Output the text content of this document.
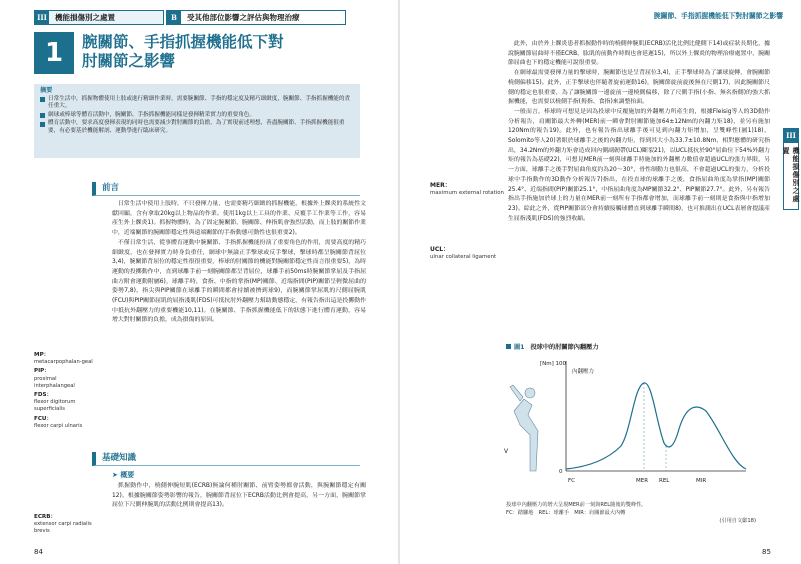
III	機能損傷別之處置	B	受其他部位影響之評估與物理治療
1	腕關節、手指抓握機能低下對
肘關節之影響
摘要
日常生活中，抓握物體使用上肢或進行精細作業時，需要腕關節、手指的穩定度及精巧細緻度，腕關節、手指抓握機能的責任重大。
網球或棒球等體育活動中，腕關節、手指抓握機能同樣是發揮精采實力的重要角色。
體育活動中，要求高度發揮表現的同時也需要減少對肘關節的負擔，為了實現前述理想，善盡腕關節、手指抓握機能很重要，有必要基於機能解剖、運動學進行臨床研究。
前言

日常生活中使用上肢時，不只發揮力量，也需要精巧細緻的抓握機能，根據外上髁炎的系統性文獻回顧，含有拿取20kg以上物品的作業、使用1kg以上工具的作業、反覆手工作業等工作，容易產生外上髁炎1)。抓握物體時，為了固定腕關節，腕關節、伸指肌會強烈活動，而上肢的關節作業中，近端關節的腕關節穩定性與遠端關節的手指動態可動性也很重要2)。

不僅日常生活，從事體育運動中腕關節、手指抓握機能扮演了重要角色的作用，需要高度的精巧細緻度，也在發揮實力時身負重任，網球中無論正手擊球或反手擊球，擊球時都呈腕關節背屈位3,4)，腕關節背屈位的穩定性很很重要，棒球的肘關節的機能對腕關節穩定性而言很重要5)，為時運動的投擲動作中，直到球離手前一刻腕關節都呈背屈位，球離手前50ms時腕關節掌屈及手指屈曲方附會運動附屬6)，球離手時，食指、中指的掌指(MP)關節、近端指間(PIP)關節呈輕微屈曲的姿勢7,8)，指尖與PIP關節在球離手的瞬間都會持續被擠到球9)，而腕關節掌屈肌的尺側屈腕肌(FCU)與PIP關節屈肌的屈指淺肌(FDS)可抵抗肘外翻壓力幫助動態穩定，有報告指出這是投擲動作中抵抗外翻壓力的重要機能10,11)。在腕關節、手指抓握機能低下的狀態下進行體育運動，容易增大對肘關節的負擔，成為損傷的原因。

MP：
metacarpophalan-geal
PIP：
proximal interphalangeal
FDS：
flexor digitorum superficialis
FCU：
flexor carpi ulnaris
基礎知識
➤ 概要

抓握動作中，橈側伸腕短肌(ECRB)無論何種肘關節、前臂姿勢都會活動，與腕關節穩定有關12)。根據腕關節姿勢影響的報告，腕關節背屈位下ECRB活動比例會提高，另一方面，腕關節掌屈位下尺側伸腕肌的活動比例則會提高13)。

ECRB：
extensor carpi radialis brevis
84
腕關節、手指抓握機能低下對肘關節之影響
III
機能損傷別之處置

此外，由於外上髁炎患者抓握動作時的橈側伸腕肌(ECRB)活化比例比健側下14)或症狀長期化，據說腕關節屈曲時不僅ECRB，肱肌的前動作時間也會延遲15)，所以外上髁炎的物理治療處置中，腕關節屈曲也下的穩定機能可說很重要。

在網球最需要發揮力量的擊球時，腕關節也是呈背屈位3,4)，正手擊球時為了讓球旋轉，會腕關節橈側偏移15)。此外，正手擊球也伴隨著旋前運動16)，腕關節旋前旋後無在尺側17)，因此腕關節尺側的穩定也很重要，為了讓腕關節一邊旋前一邊橈側偏移，除了尺側手指(小指、無名指側)的強大抓握機能，也需要以橈側手指(拇指、食指)來調整抬面。

一般而言，棒球時可想見是因為投球中反覆施加的外翻壓力所產生的，根據Fleisig等人的3D動作分析報告，肩關節最大外轉(MER)前一瞬會對肘關節施加64±12Nm的內翻力矩18)，並另有施加120Nm的報告19)。此外，也有報告指出球離手後可見到內翻力矩增加，呈雙峰性(圖1)18)，Solomito等人20)著眼於球離手之後的內翻力矩，得到其大小為33.7±10.8Nm，相對應體的研究指出，34.2Nm的外翻力矩會造成回內側副韌帶(UCL)斷裂21)，以UCL抵抗於90°屈曲位下54%外翻力矩的報告為基礎22)，可想見MER前一刻與球離手時施加的外翻壓力數值會超過UCL的張力界限，另一方面，球離手之後手對屈曲角度約為20～30°，骨性制動力也很高，不會超過UCL的張力，分析投球中手指動作的3D動作分析報告7)指出，在投直球的球離手之後，食指屈曲角度為掌指(MP)關節25.4°、近端指間(PIP)關節25.1°，中指屈曲角度為MP關節32.2°、PIP關節27.7°。此外，另有報告指出手指施加於球上的力量在MER前一刻所有手指都會增加，而球離手前一刻則是食指與中指增加23)。綜此之外，從PIP關節部分會持續接觸球體直到球離手瞬間8)，也可推測出在UCL表層會提議產生屈指淺肌(FDS)的強烈收縮。

MER：
maximum external rotation
UCL：
ulnar collateral ligament
圖1 投球中的肘關節內翻壓力
V
[Nm] 100
0
內翻壓力
FC	MER REL	MIR
投球中內翻壓力的增大呈現MER前一刻與REL隨後的雙峰性。
FC：踏腳地　REL：球離手　MIR：肩關節最大內轉
(引用自文獻18)
85
